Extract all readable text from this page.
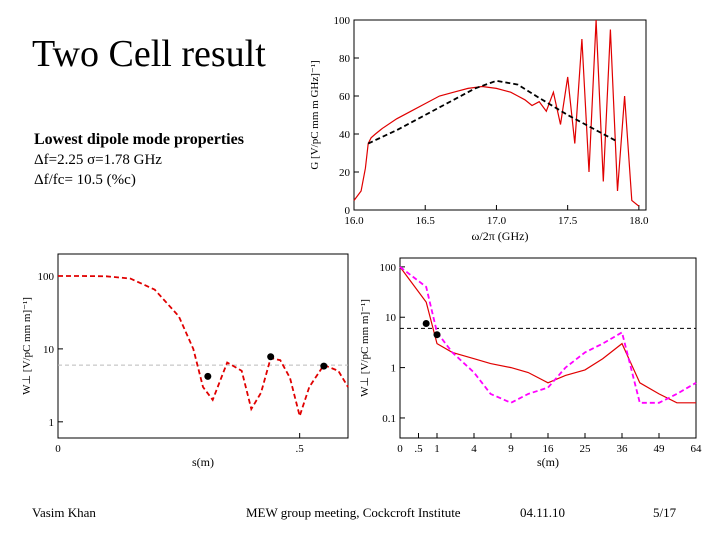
Two Cell result
Lowest dipole mode properties
Δf=2.25 σ=1.78 GHz
Δf/fc= 10.5 (%c)
0
20
40
60
80
100
16.0	16.5	17.0	17.5	18.0
ω/2π (GHz)
G [V/pC mm m GHz]⁻¹]
1
10
100
0	.5
s(m)
W⊥ [V/pC mm m]⁻¹]
0.1
1
10
100
0 .5 1	4	9	16 25 36 49 64
s(m)
W⊥ [V/pC mm m]⁻¹]
Vasim Khan	MEW group meeting, Cockcroft Institute	04.11.10	5/17
